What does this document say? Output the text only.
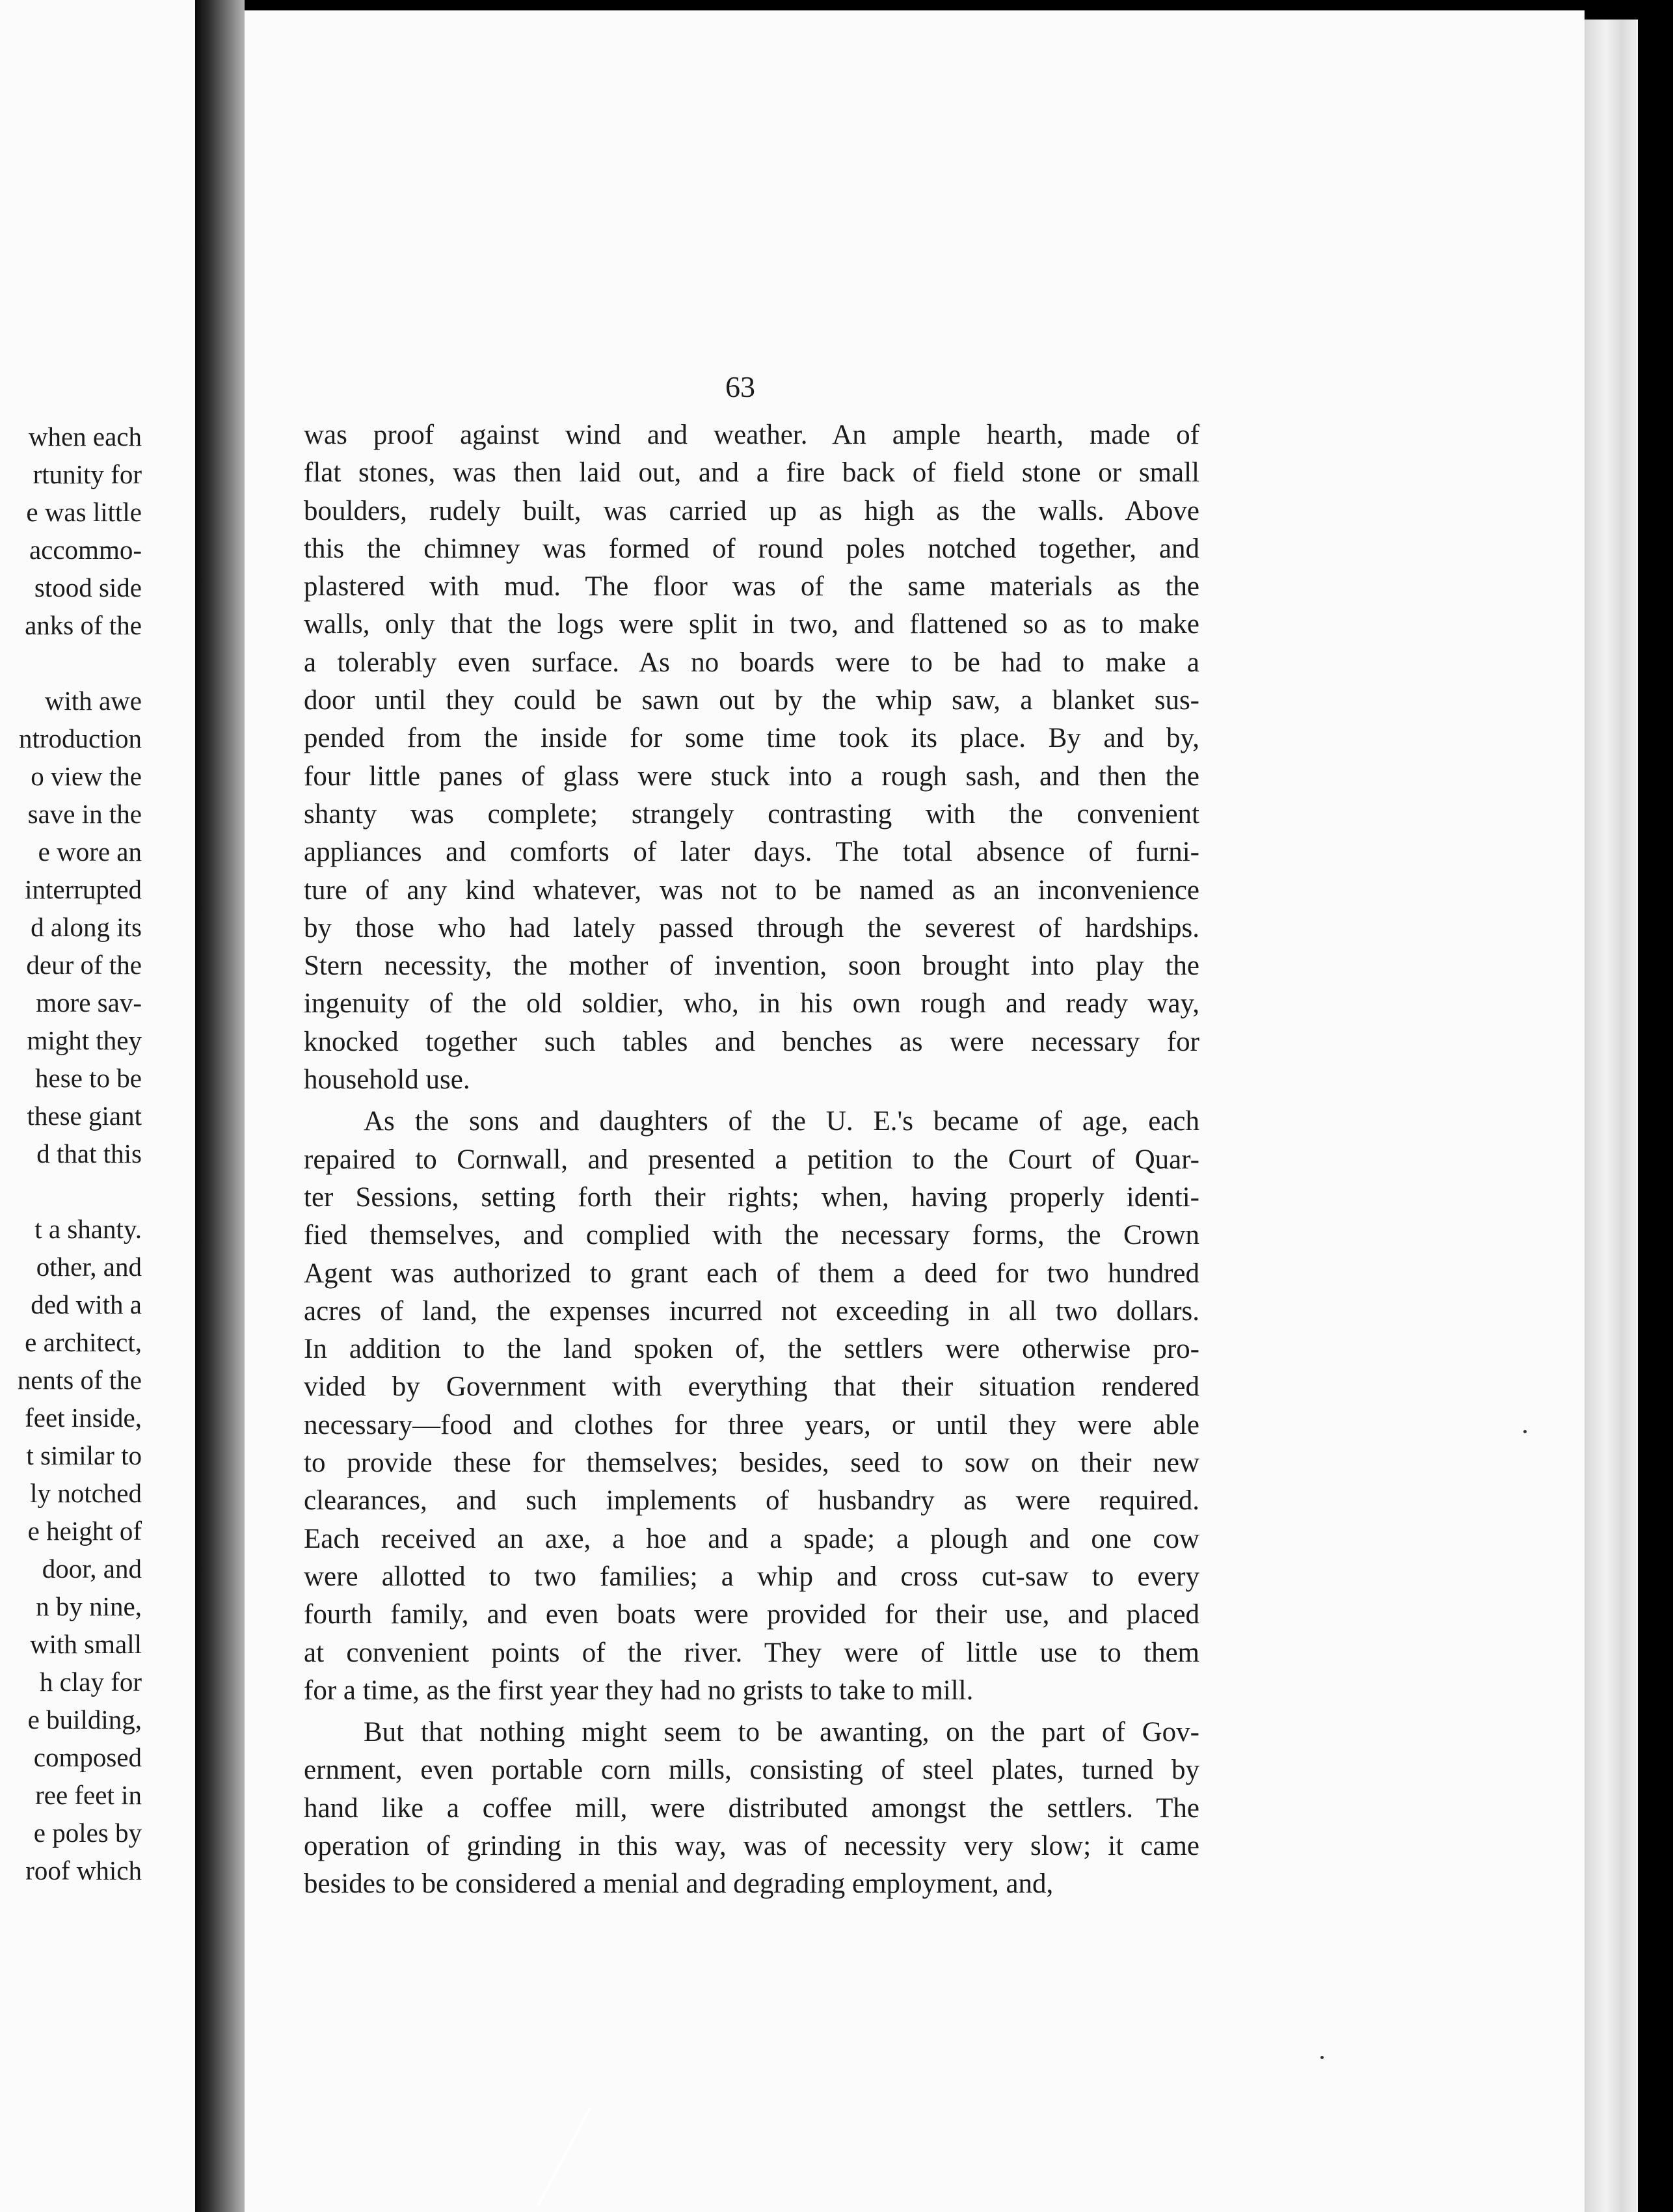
when each
rtunity for
e was little
accommo-
stood side
anks of the
with awe
ntroduction
o view the
save in the
e wore an
interrupted
d along its
deur of the
more sav-
might they
hese to be
these giant
d that this
t a shanty.
other, and
ded with a
e architect,
nents of the
feet inside,
t similar to
ly notched
e height of
door, and
n by nine,
with small
h clay for
e building,
composed
ree feet in
e poles by
roof which
63
was proof against wind and weather. An ample hearth, made of
flat stones, was then laid out, and a fire back of field stone or small
boulders, rudely built, was carried up as high as the walls. Above
this the chimney was formed of round poles notched together, and
plastered with mud. The floor was of the same materials as the
walls, only that the logs were split in two, and flattened so as to make
a tolerably even surface. As no boards were to be had to make a
door until they could be sawn out by the whip saw, a blanket sus-
pended from the inside for some time took its place. By and by,
four little panes of glass were stuck into a rough sash, and then the
shanty was complete; strangely contrasting with the convenient
appliances and comforts of later days. The total absence of furni-
ture of any kind whatever, was not to be named as an inconvenience
by those who had lately passed through the severest of hardships.
Stern necessity, the mother of invention, soon brought into play the
ingenuity of the old soldier, who, in his own rough and ready way,
knocked together such tables and benches as were necessary for
household use.
As the sons and daughters of the U. E.'s became of age, each
repaired to Cornwall, and presented a petition to the Court of Quar-
ter Sessions, setting forth their rights; when, having properly identi-
fied themselves, and complied with the necessary forms, the Crown
Agent was authorized to grant each of them a deed for two hundred
acres of land, the expenses incurred not exceeding in all two dollars.
In addition to the land spoken of, the settlers were otherwise pro-
vided by Government with everything that their situation rendered
necessary—food and clothes for three years, or until they were able
to provide these for themselves; besides, seed to sow on their new
clearances, and such implements of husbandry as were required.
Each received an axe, a hoe and a spade; a plough and one cow
were allotted to two families; a whip and cross cut-saw to every
fourth family, and even boats were provided for their use, and placed
at convenient points of the river. They were of little use to them
for a time, as the first year they had no grists to take to mill.
But that nothing might seem to be awanting, on the part of Gov-
ernment, even portable corn mills, consisting of steel plates, turned by
hand like a coffee mill, were distributed amongst the settlers. The
operation of grinding in this way, was of necessity very slow; it came
besides to be considered a menial and degrading employment, and,
